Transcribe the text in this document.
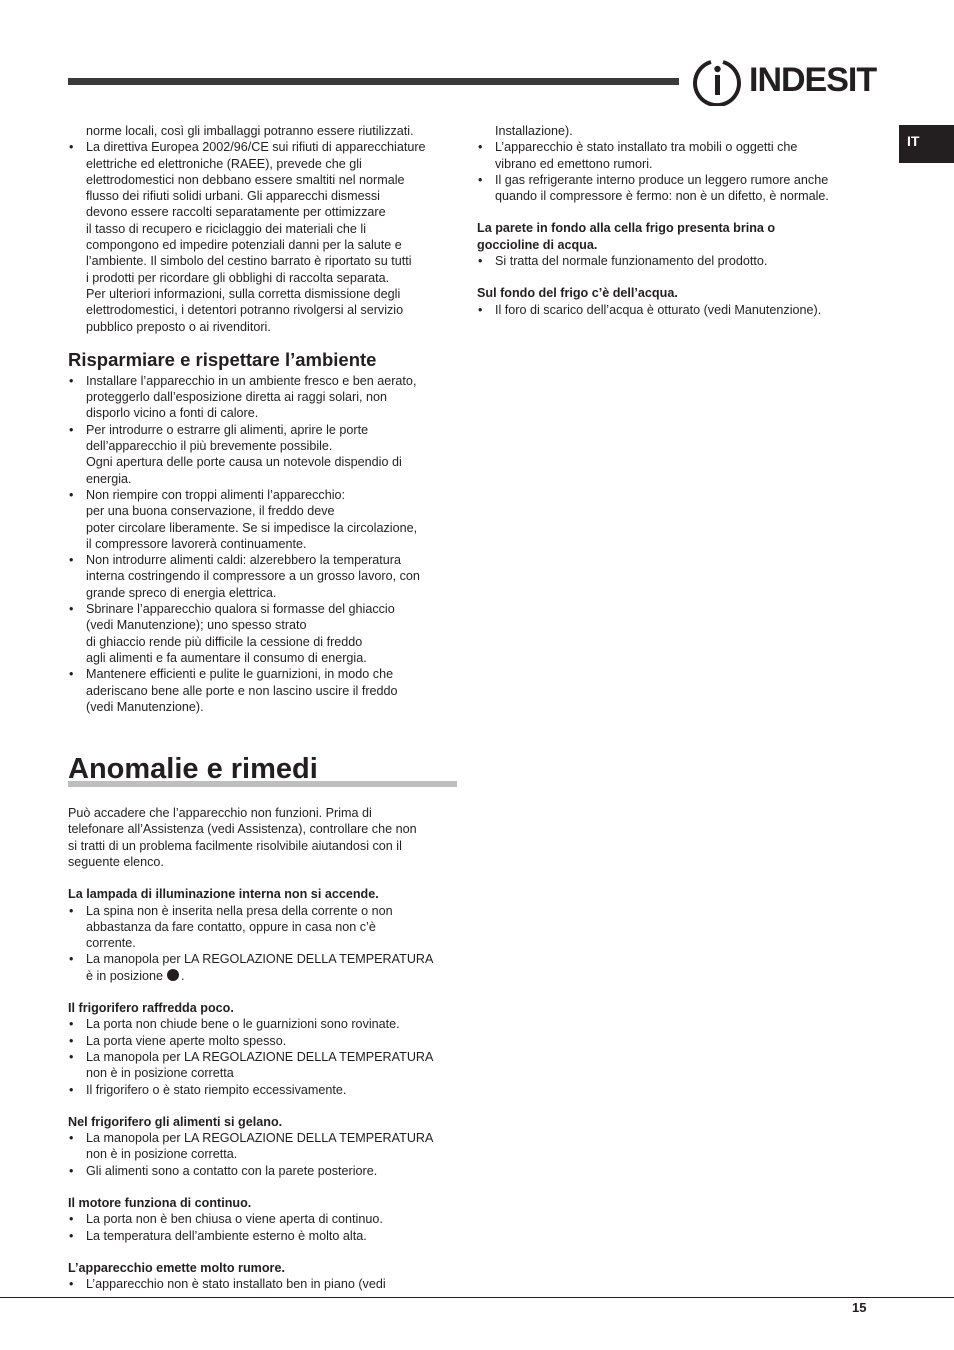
INDESIT
IT
norme locali, così gli imballaggi potranno essere riutilizzati.
• La direttiva Europea 2002/96/CE sui rifiuti di apparecchiature
elettriche ed elettroniche (RAEE), prevede che gli
elettrodomestici non debbano essere smaltiti nel normale
flusso dei rifiuti solidi urbani. Gli apparecchi dismessi
devono essere raccolti separatamente per ottimizzare
il tasso di recupero e riciclaggio dei materiali che li
compongono ed impedire potenziali danni per la salute e
l’ambiente. Il simbolo del cestino barrato è riportato su tutti
i prodotti per ricordare gli obblighi di raccolta separata.
Per ulteriori informazioni, sulla corretta dismissione degli
elettrodomestici, i detentori potranno rivolgersi al servizio
pubblico preposto o ai rivenditori.
Risparmiare e rispettare l’ambiente
• Installare l’apparecchio in un ambiente fresco e ben aerato,
proteggerlo dall’esposizione diretta ai raggi solari, non
disporlo vicino a fonti di calore.
• Per introdurre o estrarre gli alimenti, aprire le porte
dell’apparecchio il più brevemente possibile.
Ogni apertura delle porte causa un notevole dispendio di
energia.
• Non riempire con troppi alimenti l’apparecchio:
per una buona conservazione, il freddo deve
poter circolare liberamente. Se si impedisce la circolazione,
il compressore lavorerà continuamente.
• Non introdurre alimenti caldi: alzerebbero la temperatura
interna costringendo il compressore a un grosso lavoro, con
grande spreco di energia elettrica.
• Sbrinare l’apparecchio qualora si formasse del ghiaccio
(vedi Manutenzione); uno spesso strato
di ghiaccio rende più difficile la cessione di freddo
agli alimenti e fa aumentare il consumo di energia.
• Mantenere efficienti e pulite le guarnizioni, in modo che
aderiscano bene alle porte e non lascino uscire il freddo
(vedi Manutenzione).
Anomalie e rimedi

Può accadere che l’apparecchio non funzioni. Prima di
telefonare all’Assistenza (vedi Assistenza), controllare che non
si tratti di un problema facilmente risolvibile aiutandosi con il
seguente elenco.

La lampada di illuminazione interna non si accende.
• La spina non è inserita nella presa della corrente o non
abbastanza da fare contatto, oppure in casa non c’è
corrente.
• La manopola per LA REGOLAZIONE DELLA TEMPERATURA
è in posizione .
Il frigorifero raffredda poco.
• La porta non chiude bene o le guarnizioni sono rovinate.
• La porta viene aperte molto spesso.
• La manopola per LA REGOLAZIONE DELLA TEMPERATURA
non è in posizione corretta
• Il frigorifero o è stato riempito eccessivamente.
Nel frigorifero gli alimenti si gelano.
• La manopola per LA REGOLAZIONE DELLA TEMPERATURA
non è in posizione corretta.
• Gli alimenti sono a contatto con la parete posteriore.
Il motore funziona di continuo.
• La porta non è ben chiusa o viene aperta di continuo.
• La temperatura dell’ambiente esterno è molto alta.
L’apparecchio emette molto rumore.
• L’apparecchio non è stato installato ben in piano (vedi
Installazione).
• L’apparecchio è stato installato tra mobili o oggetti che
vibrano ed emettono rumori.
• Il gas refrigerante interno produce un leggero rumore anche
quando il compressore è fermo: non è un difetto, è normale.
La parete in fondo alla cella frigo presenta brina o
goccioline di acqua.
• Si tratta del normale funzionamento del prodotto.
Sul fondo del frigo c’è dell’acqua.
• Il foro di scarico dell’acqua è otturato (vedi Manutenzione).
15
